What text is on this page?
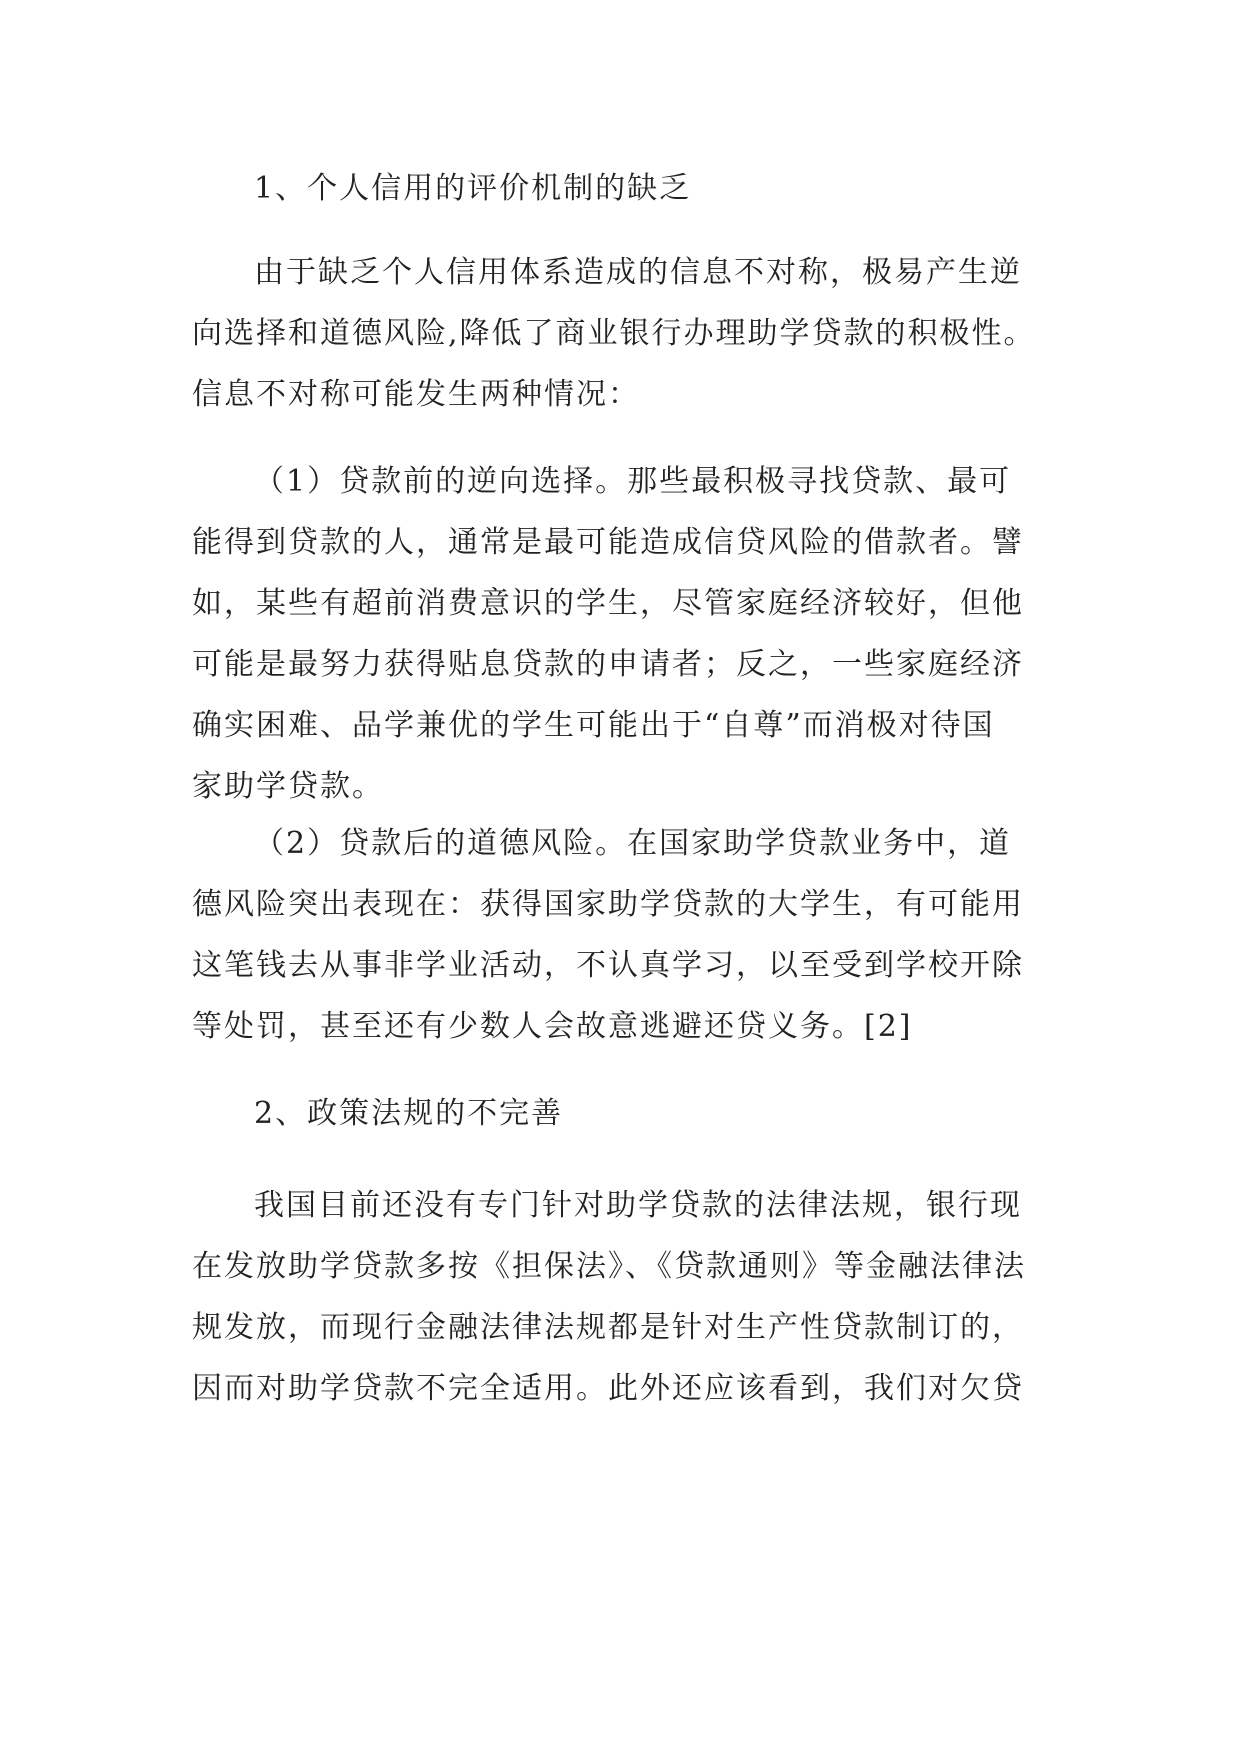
1、个人信用的评价机制的缺乏
由于缺乏个人信用体系造成的信息不对称，极易产生逆
向选择和道德风险,降低了商业银行办理助学贷款的积极性。
信息不对称可能发生两种情况：
（1）贷款前的逆向选择。那些最积极寻找贷款、最可
能得到贷款的人，通常是最可能造成信贷风险的借款者。譬
如，某些有超前消费意识的学生，尽管家庭经济较好，但他
可能是最努力获得贴息贷款的申请者；反之，一些家庭经济
确实困难、品学兼优的学生可能出于“自尊”而消极对待国
家助学贷款。
（2）贷款后的道德风险。在国家助学贷款业务中，道
德风险突出表现在：获得国家助学贷款的大学生，有可能用
这笔钱去从事非学业活动，不认真学习，以至受到学校开除
等处罚，甚至还有少数人会故意逃避还贷义务。[2]
2、政策法规的不完善
我国目前还没有专门针对助学贷款的法律法规，银行现
在发放助学贷款多按《担保法》、《贷款通则》等金融法律法
规发放，而现行金融法律法规都是针对生产性贷款制订的，
因而对助学贷款不完全适用。此外还应该看到，我们对欠贷
